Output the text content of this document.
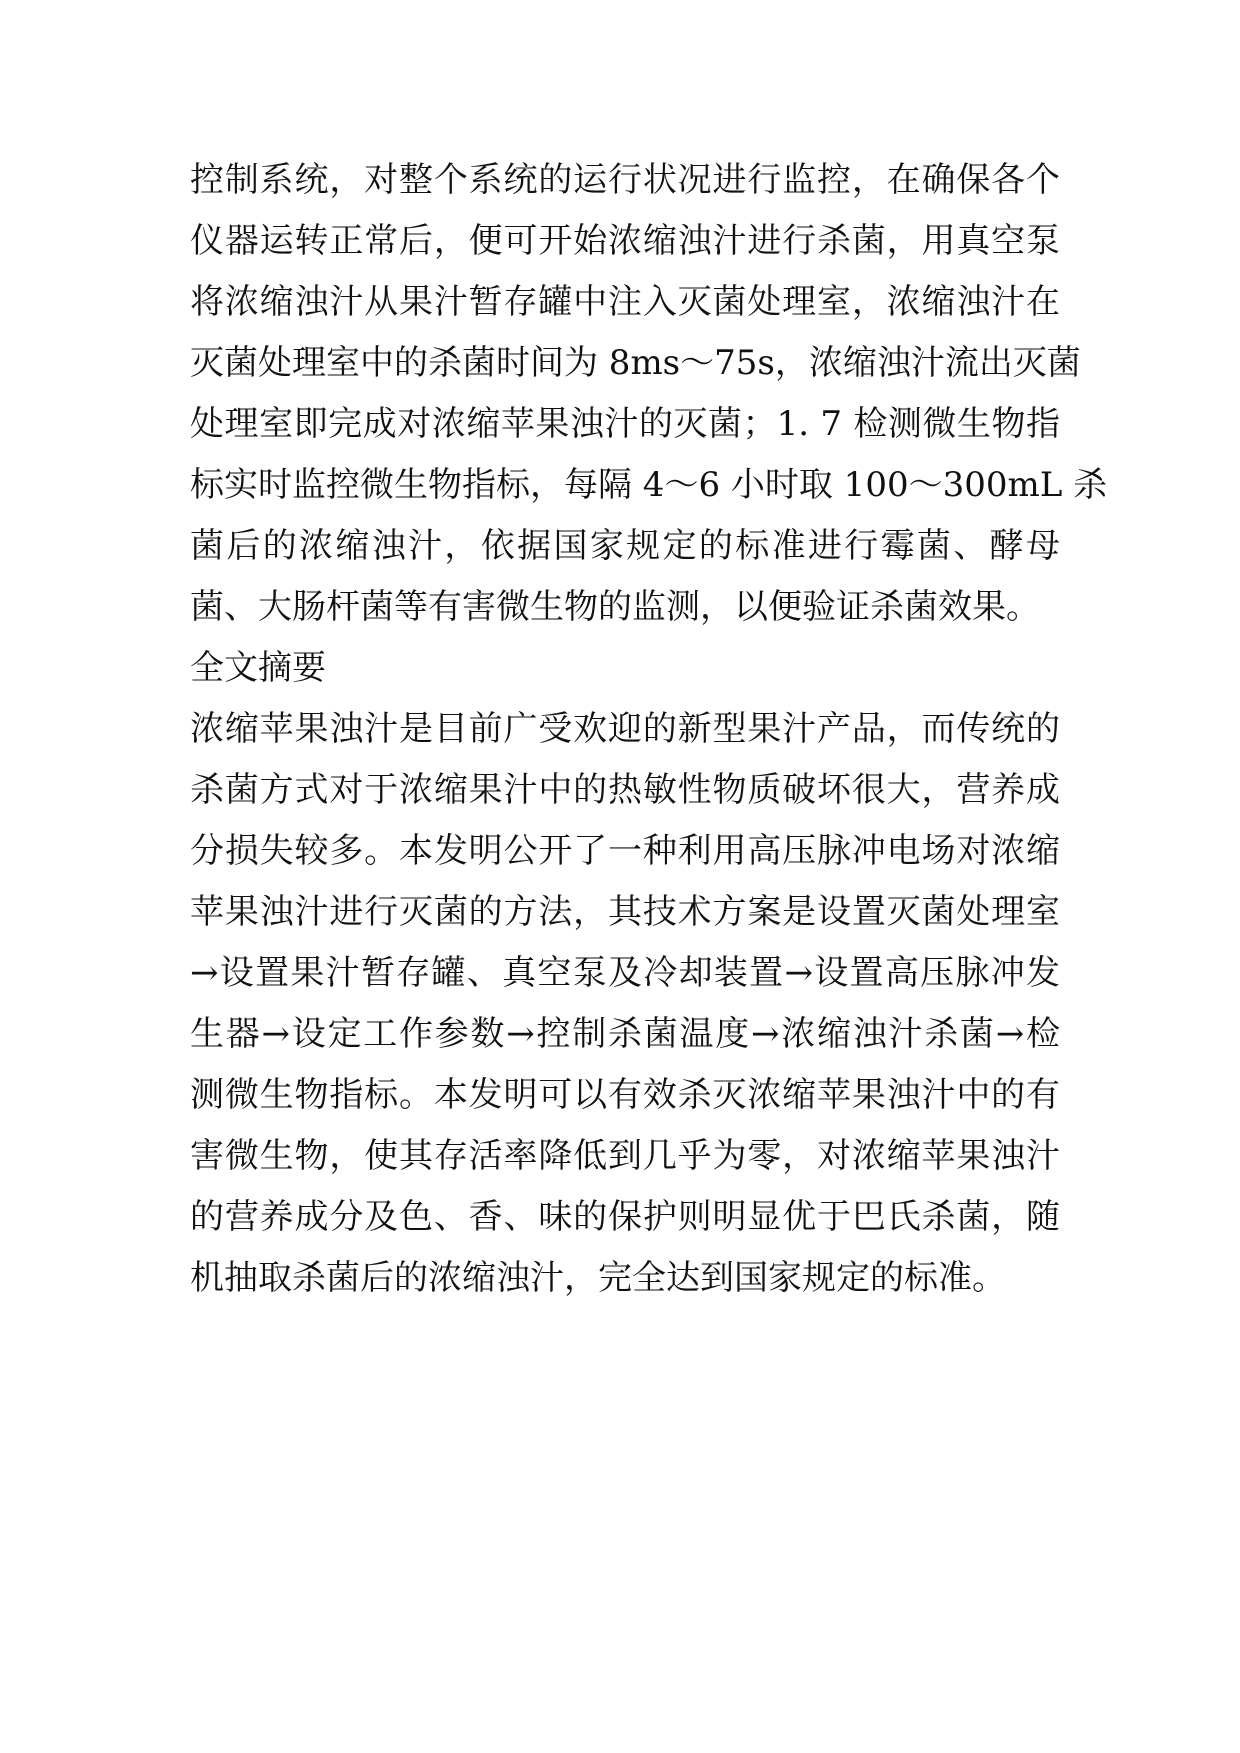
控制系统，对整个系统的运行状况进行监控，在确保各个
仪器运转正常后，便可开始浓缩浊汁进行杀菌，用真空泵
将浓缩浊汁从果汁暂存罐中注入灭菌处理室，浓缩浊汁在
灭菌处理室中的杀菌时间为 8ms～75s，浓缩浊汁流出灭菌
处理室即完成对浓缩苹果浊汁的灭菌；1. 7 检测微生物指
标实时监控微生物指标，每隔 4～6 小时取 100～300mL 杀
菌后的浓缩浊汁，依据国家规定的标准进行霉菌、酵母
菌、大肠杆菌等有害微生物的监测，以便验证杀菌效果。

全文摘要

浓缩苹果浊汁是目前广受欢迎的新型果汁产品，而传统的
杀菌方式对于浓缩果汁中的热敏性物质破坏很大，营养成
分损失较多。本发明公开了一种利用高压脉冲电场对浓缩
苹果浊汁进行灭菌的方法，其技术方案是设置灭菌处理室
→设置果汁暂存罐、真空泵及冷却装置→设置高压脉冲发
生器→设定工作参数→控制杀菌温度→浓缩浊汁杀菌→检
测微生物指标。本发明可以有效杀灭浓缩苹果浊汁中的有
害微生物，使其存活率降低到几乎为零，对浓缩苹果浊汁
的营养成分及色、香、味的保护则明显优于巴氏杀菌，随
机抽取杀菌后的浓缩浊汁，完全达到国家规定的标准。
